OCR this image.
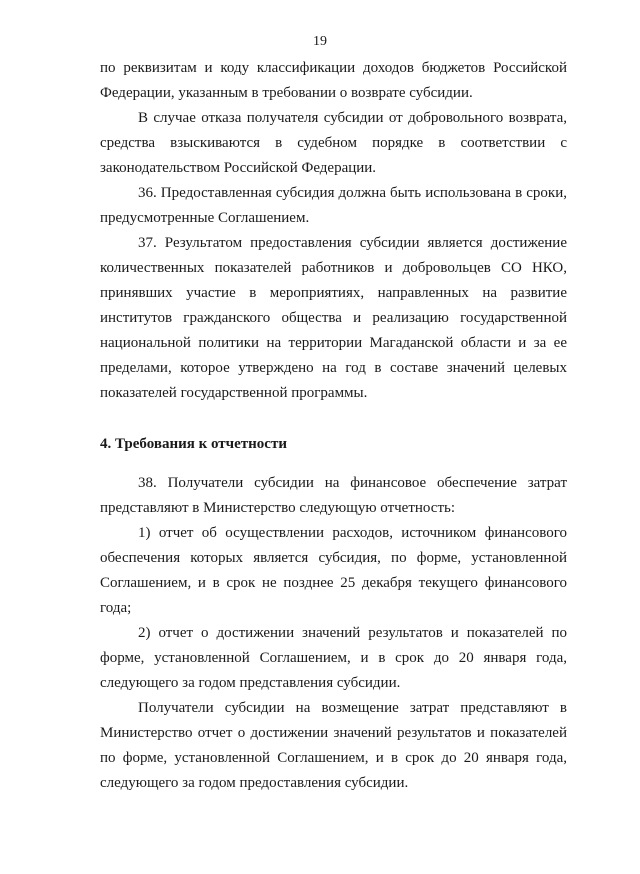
19

по реквизитам и коду классификации доходов бюджетов Российской Федерации, указанным в требовании о возврате субсидии.

В случае отказа получателя субсидии от добровольного возврата, средства взыскиваются в судебном порядке в соответствии с законодательством Российской Федерации.

36. Предоставленная субсидия должна быть использована в сроки, предусмотренные Соглашением.

37. Результатом предоставления субсидии является достижение количественных показателей работников и добровольцев СО НКО, принявших участие в мероприятиях, направленных на развитие институтов гражданского общества и реализацию государственной национальной политики на территории Магаданской области и за ее пределами, которое утверждено на год в составе значений целевых показателей государственной программы.

4. Требования к отчетности

38. Получатели субсидии на финансовое обеспечение затрат представляют в Министерство следующую отчетность:

1) отчет об осуществлении расходов, источником финансового обеспечения которых является субсидия, по форме, установленной Соглашением, и в срок не позднее 25 декабря текущего финансового года;

2) отчет о достижении значений результатов и показателей по форме, установленной Соглашением, и в срок до 20 января года, следующего за годом представления субсидии.

Получатели субсидии на возмещение затрат представляют в Министерство отчет о достижении значений результатов и показателей по форме, установленной Соглашением, и в срок до 20 января года, следующего за годом предоставления субсидии.
